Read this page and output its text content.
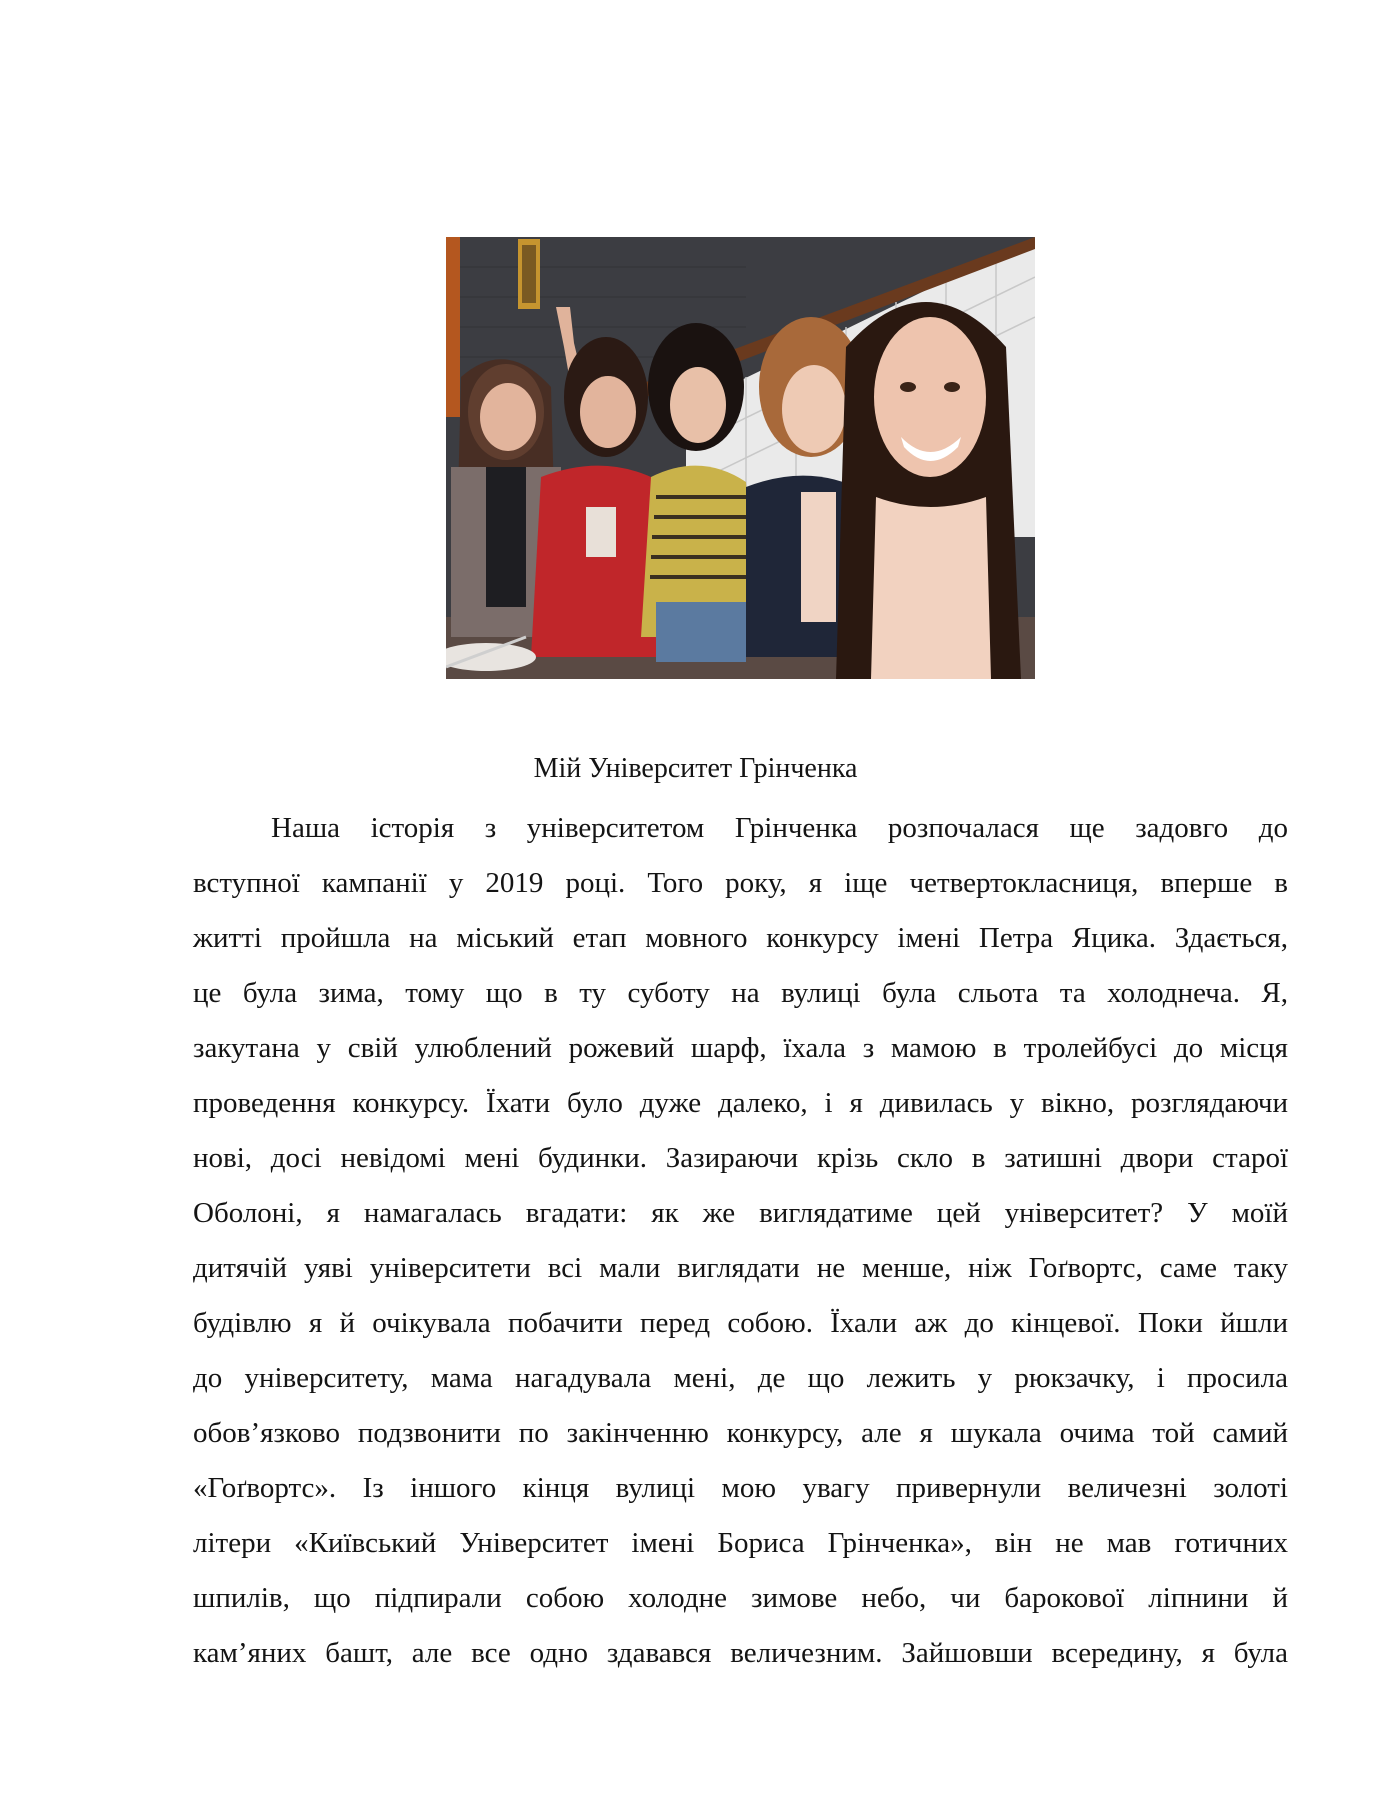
Мій Університет Грінченка
Наша історія з університетом Грінченка розпочалася ще задовго до
вступної кампанії у 2019 році. Того року, я іще четвертокласниця, вперше в
житті пройшла на міський етап мовного конкурсу імені Петра Яцика. Здається,
це була зима, тому що в ту суботу на вулиці була сльота та холоднеча. Я,
закутана у свій улюблений рожевий шарф, їхала з мамою в тролейбусі до місця
проведення конкурсу. Їхати було дуже далеко, і я дивилась у вікно, розглядаючи
нові, досі невідомі мені будинки. Зазираючи крізь скло в затишні двори старої
Оболоні, я намагалась вгадати: як же виглядатиме цей університет? У моїй
дитячій уяві університети всі мали виглядати не менше, ніж Гоґвортс, саме таку
будівлю я й очікувала побачити перед собою. Їхали аж до кінцевої. Поки йшли
до університету, мама нагадувала мені, де що лежить у рюкзачку, і просила
обов’язково подзвонити по закінченню конкурсу, але я шукала очима той самий
«Гоґвортс». Із іншого кінця вулиці мою увагу привернули величезні золоті
літери «Київський Університет імені Бориса Грінченка», він не мав готичних
шпилів, що підпирали собою холодне зимове небо, чи барокової ліпнини й
кам’яних башт, але все одно здавався величезним. Зайшовши всередину, я була
